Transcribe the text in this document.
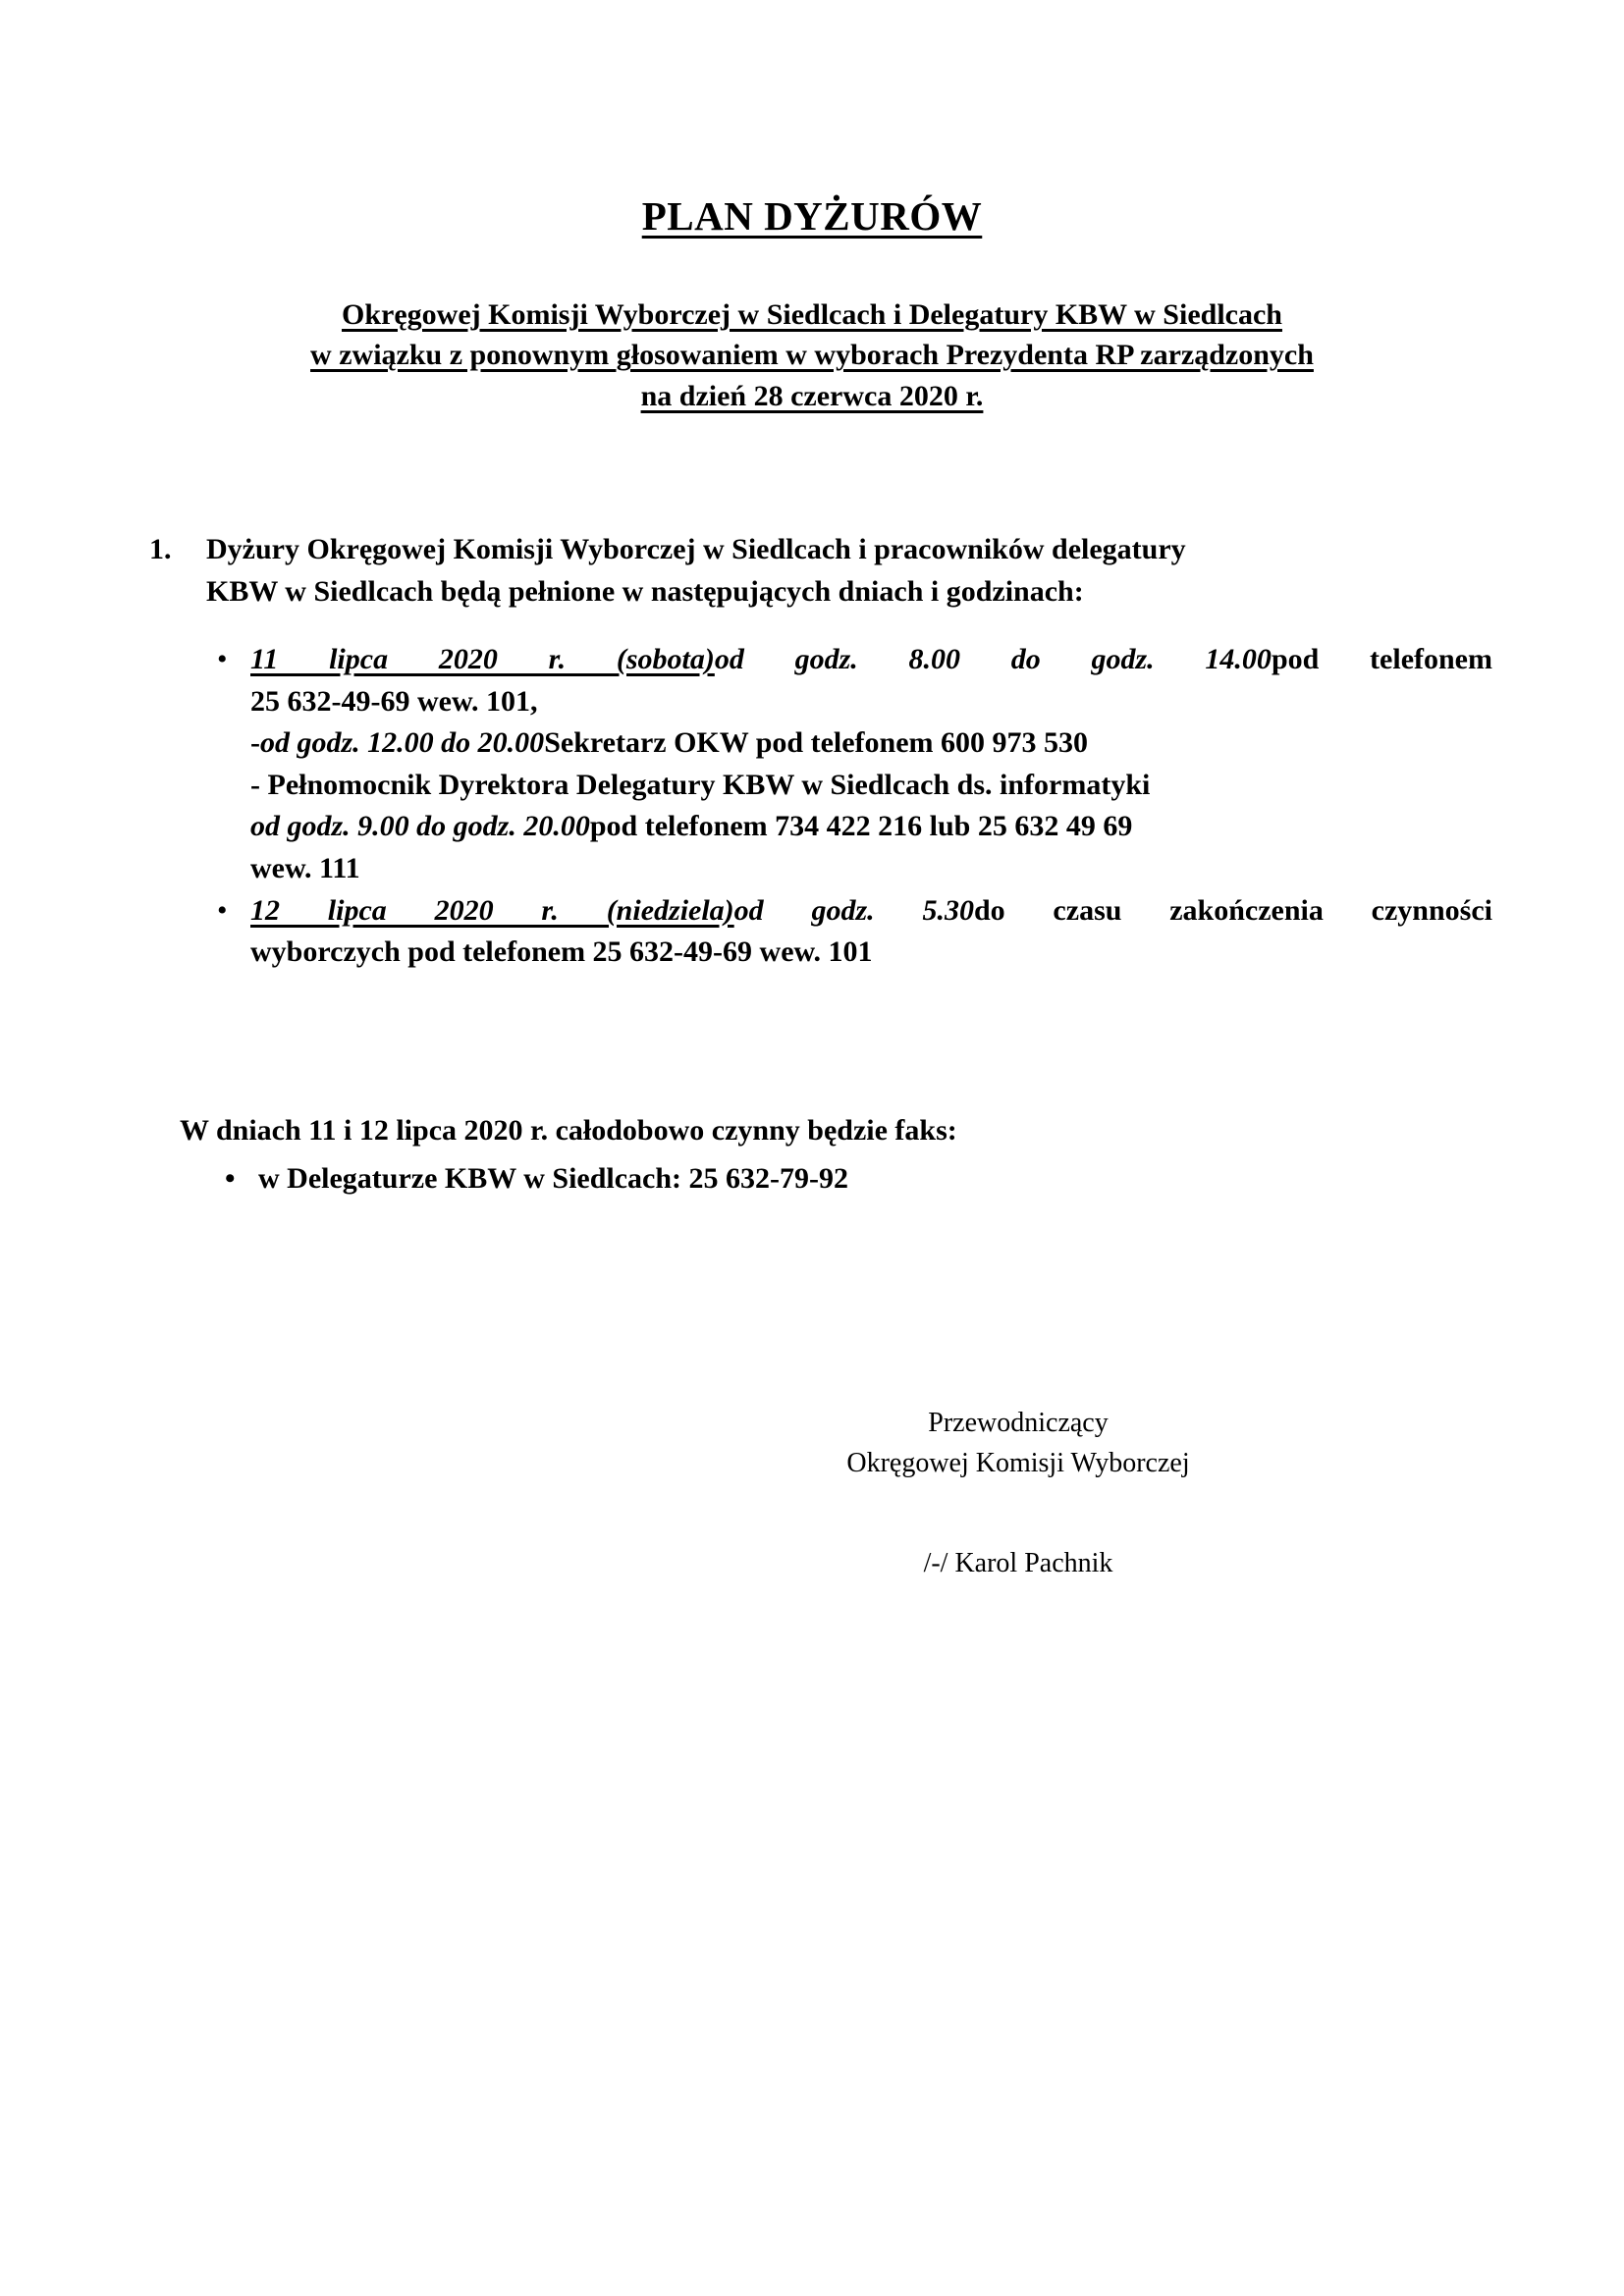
PLAN DYŻURÓW
Okręgowej Komisji Wyborczej w Siedlcach i Delegatury KBW w Siedlcach
w związku z ponownym głosowaniem w wyborach Prezydenta RP zarządzonych
na dzień 28 czerwca 2020 r.
1.	Dyżury Okręgowej Komisji Wyborczej w Siedlcach i pracowników delegatury
KBW w Siedlcach będą pełnione w następujących dniach i godzinach:
• 11 lipca 2020 r. (sobota)od godz. 8.00 do godz. 14.00pod telefonem
25 632-49-69 wew. 101,
-od godz. 12.00 do 20.00Sekretarz OKW pod telefonem 600 973 530
- Pełnomocnik Dyrektora Delegatury KBW w Siedlcach ds. informatyki
od godz. 9.00 do godz. 20.00pod telefonem 734 422 216 lub 25 632 49 69
wew. 111
• 12 lipca 2020 r. (niedziela)od godz. 5.30do czasu zakończenia czynności
wyborczych pod telefonem 25 632-49-69 wew. 101
W dniach 11 i 12 lipca 2020 r. całodobowo czynny będzie faks:
• w Delegaturze KBW w Siedlcach: 25 632-79-92
Przewodniczący
Okręgowej Komisji Wyborczej
/-/ Karol Pachnik
